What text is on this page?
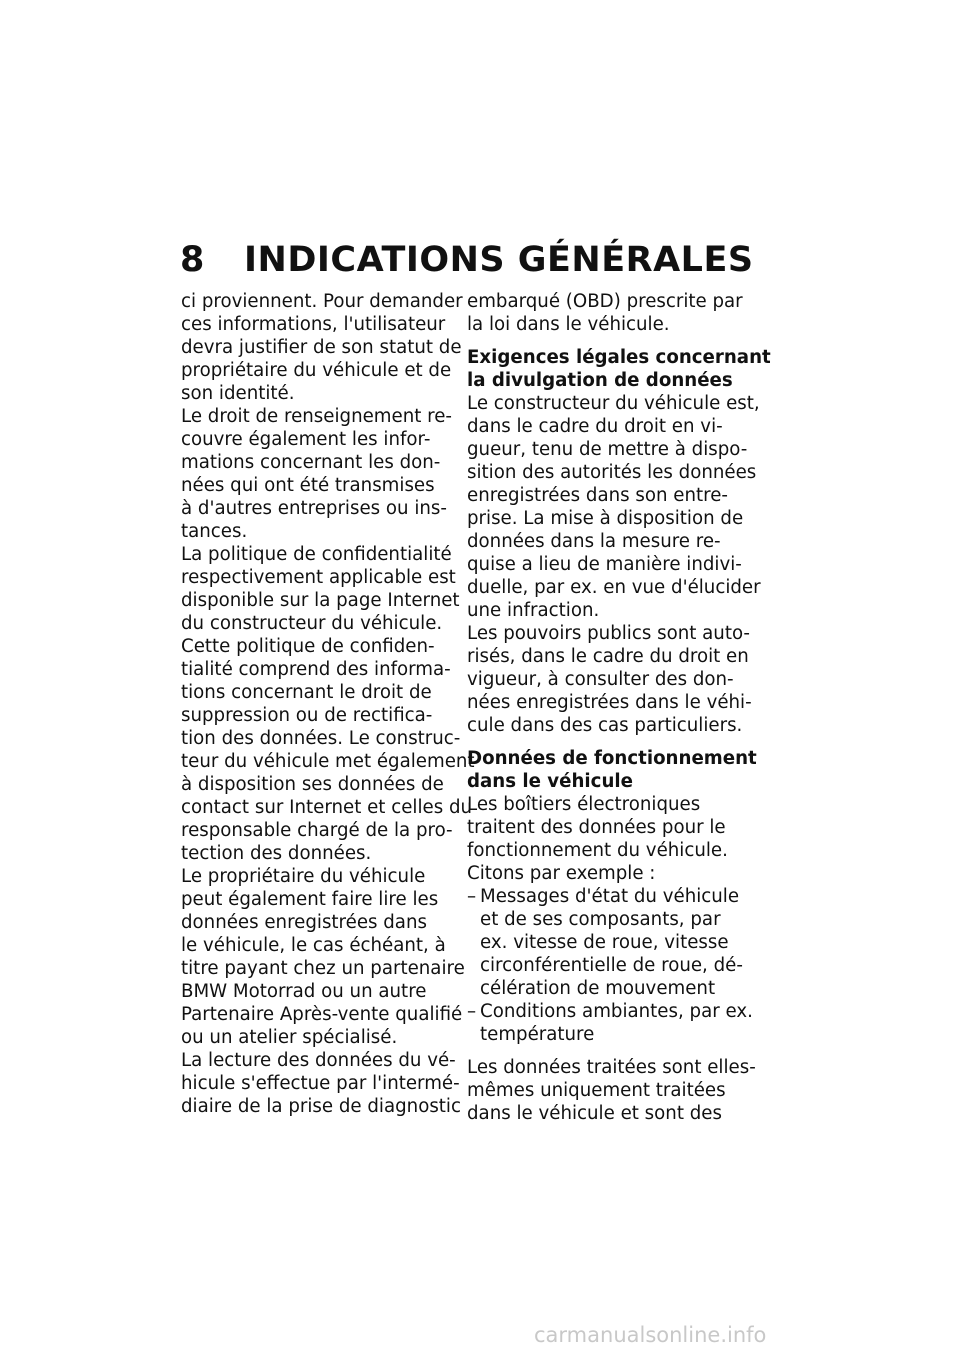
8	INDICATIONS GÉNÉRALES
ci proviennent. Pour demander
ces informations, l'utilisateur
devra justifier de son statut de
propriétaire du véhicule et de
son identité.
Le droit de renseignement re-
couvre également les infor-
mations concernant les don-
nées qui ont été transmises
à d'autres entreprises ou ins-
tances.
La politique de confidentialité
respectivement applicable est
disponible sur la page Internet
du constructeur du véhicule.
Cette politique de confiden-
tialité comprend des informa-
tions concernant le droit de
suppression ou de rectifica-
tion des données. Le construc-
teur du véhicule met également
à disposition ses données de
contact sur Internet et celles du
responsable chargé de la pro-
tection des données.
Le propriétaire du véhicule
peut également faire lire les
données enregistrées dans
le véhicule, le cas échéant, à
titre payant chez un partenaire
BMW Motorrad ou un autre
Partenaire Après-vente qualifié
ou un atelier spécialisé.
La lecture des données du vé-
hicule s'effectue par l'intermé-
diaire de la prise de diagnostic
embarqué (OBD) prescrite par
la loi dans le véhicule.
Exigences légales concernant
la divulgation de données
Le constructeur du véhicule est,
dans le cadre du droit en vi-
gueur, tenu de mettre à dispo-
sition des autorités les données
enregistrées dans son entre-
prise. La mise à disposition de
données dans la mesure re-
quise a lieu de manière indivi-
duelle, par ex. en vue d'élucider
une infraction.
Les pouvoirs publics sont auto-
risés, dans le cadre du droit en
vigueur, à consulter des don-
nées enregistrées dans le véhi-
cule dans des cas particuliers.
Données de fonctionnement
dans le véhicule
Les boîtiers électroniques
traitent des données pour le
fonctionnement du véhicule.
Citons par exemple :
– Messages d'état du véhicule
et de ses composants, par
ex. vitesse de roue, vitesse
circonférentielle de roue, dé-
célération de mouvement
– Conditions ambiantes, par ex.
température
Les données traitées sont elles-
mêmes uniquement traitées
dans le véhicule et sont des
carmanualsonline.info
